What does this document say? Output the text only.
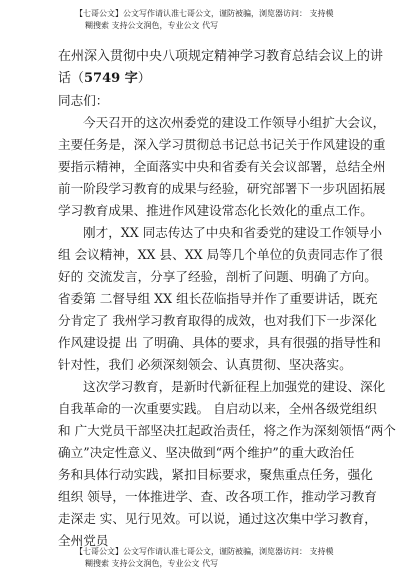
【七哥公文】公文写作请认准七哥公文，谨防被骗，浏览器访问： 支持模
糊搜索 支持公文润色，专业公文 代写
在州深入贯彻中央八项规定精神学习教育总结会议上的讲
话（5749 字）
同志们：
今天召开的这次州委党的建设工作领导小组扩大会议，
主要任务是，深入学习贯彻总书记总书记关于作风建设的重
要指示精神，全面落实中央和省委有关会议部署，总结全州
前一阶段学习教育的成果与经验，研究部署下一步巩固拓展
学习教育成果、推进作风建设常态化长效化的重点工作。
刚才，XX 同志传达了中央和省委党的建设工作领导小
组 会议精神，XX 县、XX 局等几个单位的负责同志作了很
好的 交流发言，分享了经验，剖析了问题、明确了方向。
省委第 二督导组 XX 组长莅临指导并作了重要讲话，既充
分肯定了 我州学习教育取得的成效，也对我们下一步深化
作风建设提 出 了明确、具体的要求，具有很强的指导性和
针对性，我们 必须深刻领会、认真贯彻、坚决落实。
这次学习教育，是新时代新征程上加强党的建设、深化
自我革命的一次重要实践。 自启动以来，全州各级党组织
和 广大党员干部坚决扛起政治责任，将之作为深刻领悟“两个
确立”决定性意义、坚决做到“两个维护”的重大政治任
务和具体行动实践，紧扣目标要求，聚焦重点任务，强化
组织 领导，一体推进学、查、改各项工作，推动学习教育
走深走 实、见行见效。可以说，通过这次集中学习教育，
全州党员
【七哥公文】公文写作请认准七哥公文，谨防被骗，浏览器访问： 支持模
糊搜索 支持公文润色，专业公文 代写
